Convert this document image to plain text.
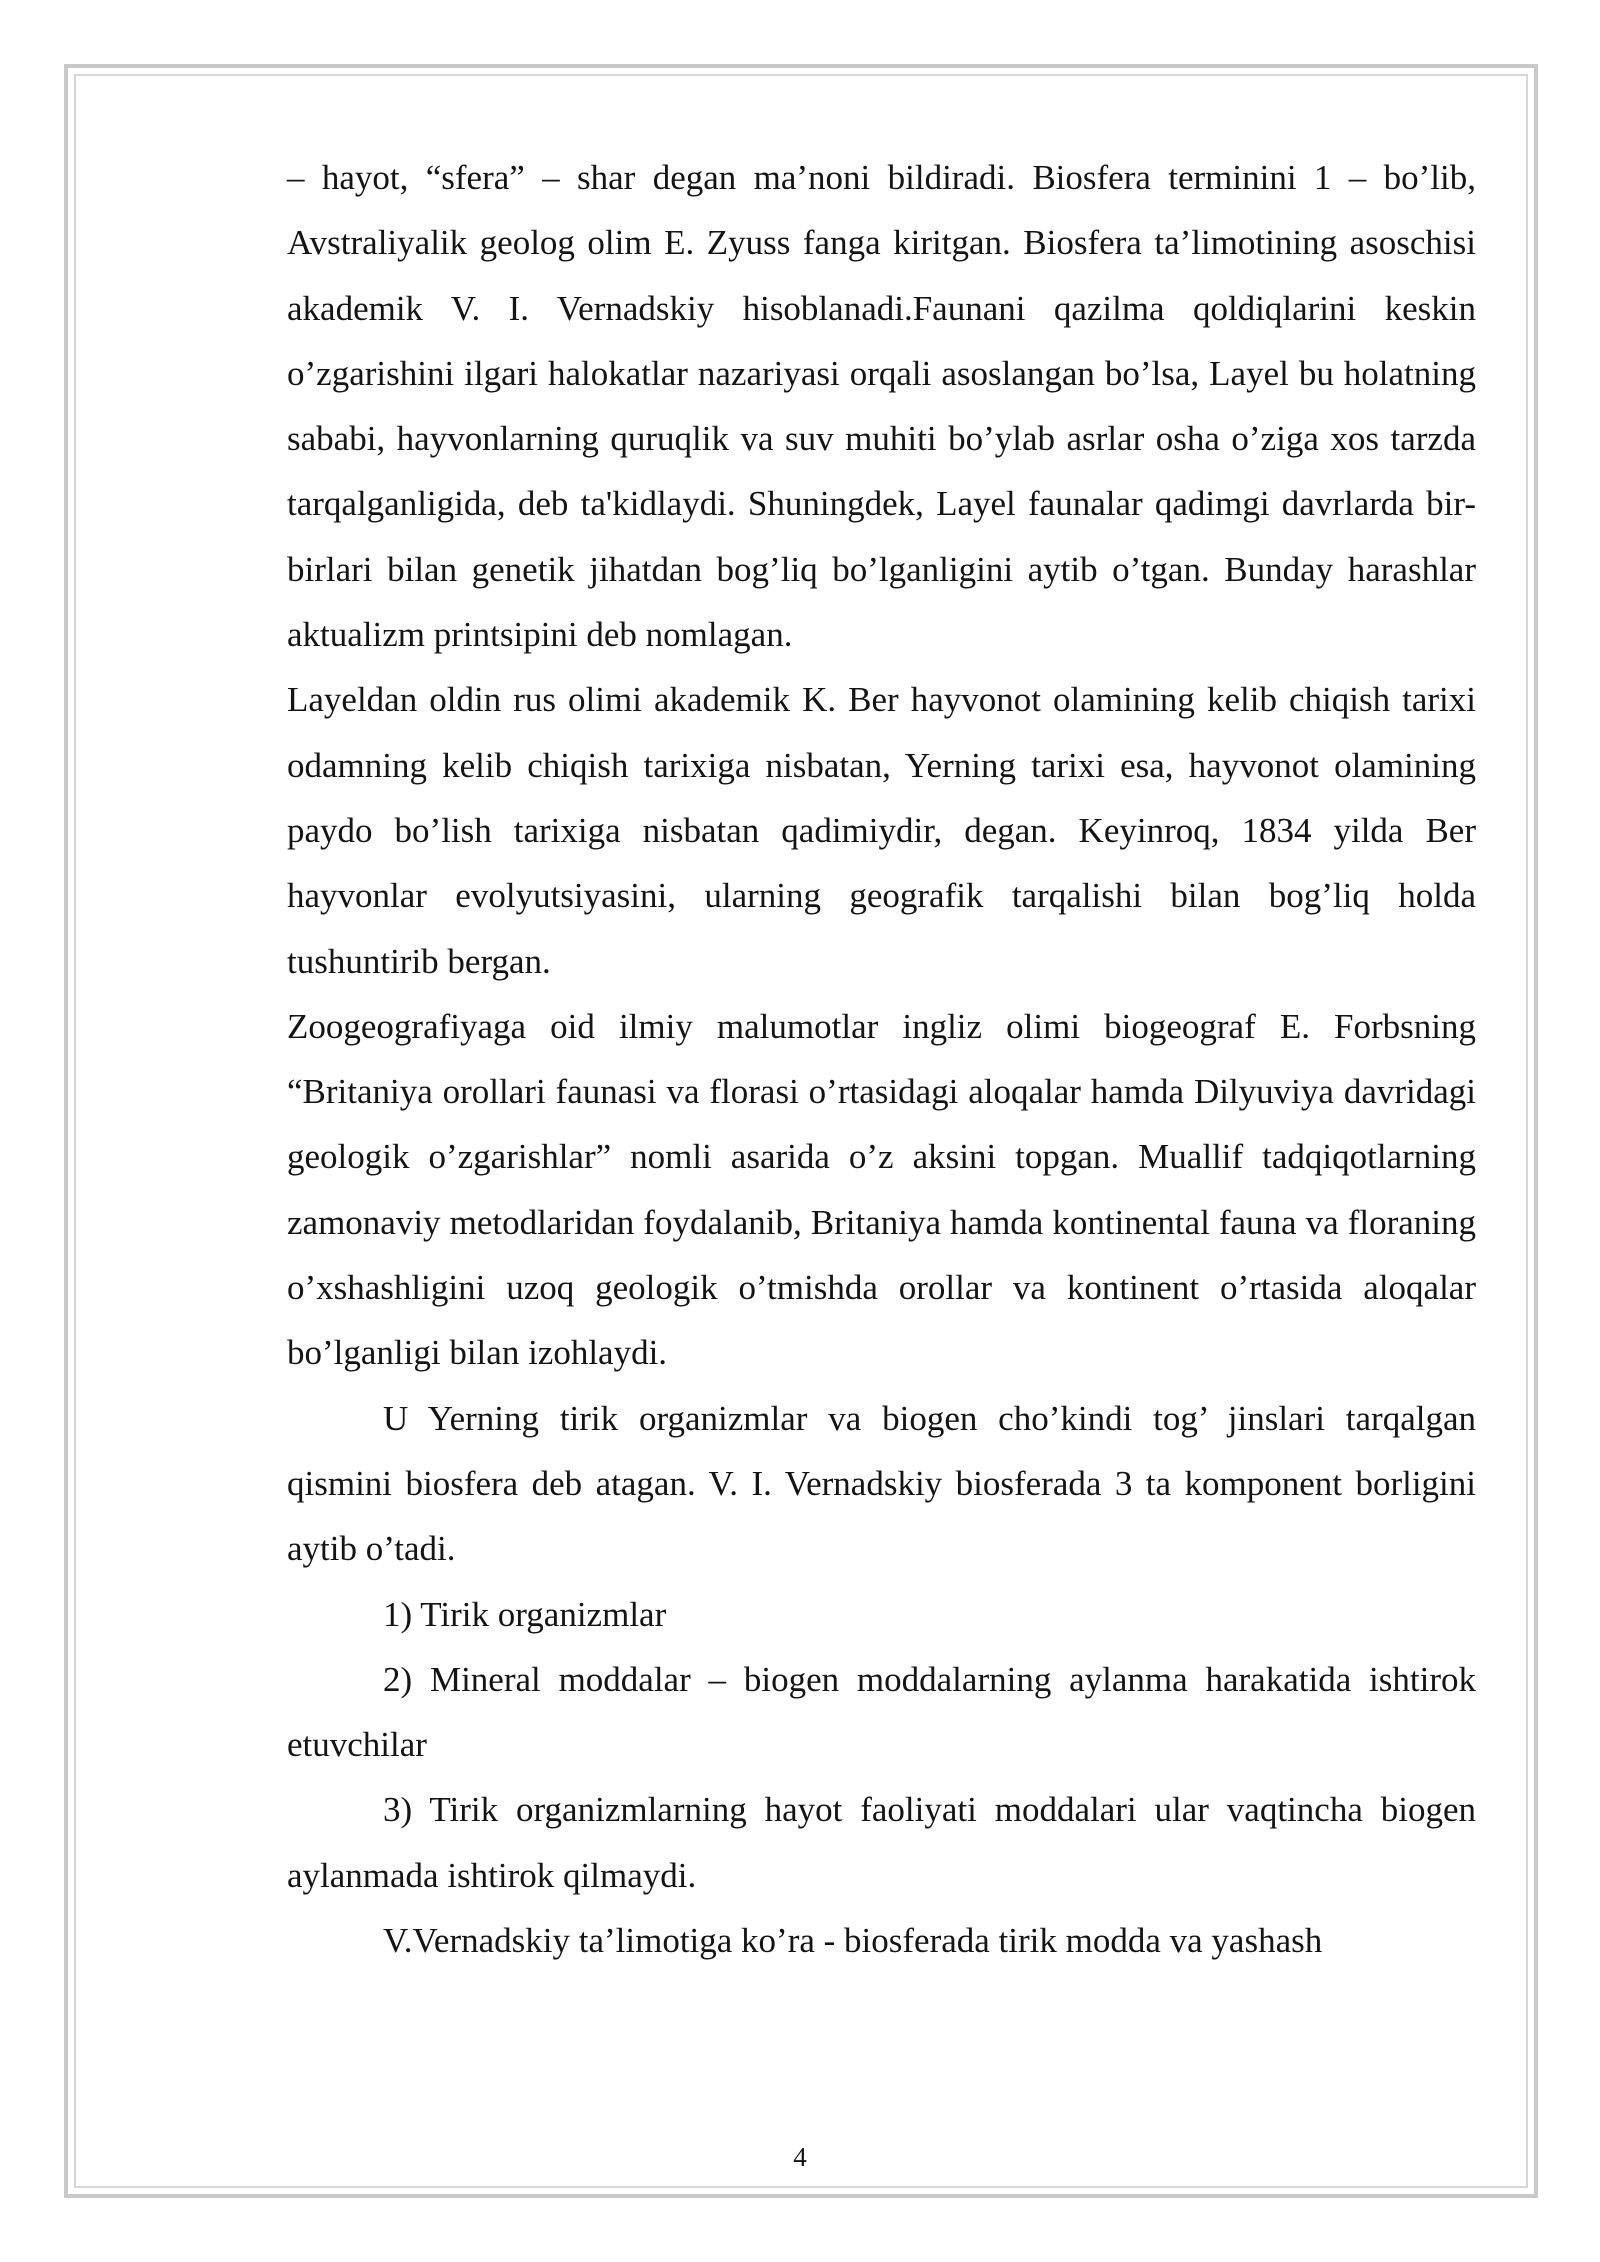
– hayot, “sfera” – shar degan ma’noni bildiradi. Biosfera terminini 1 – bo’lib, Avstraliyalik geolog olim E. Zyuss fanga kiritgan. Biosfera ta’limotining asoschisi akademik V. I. Vernadskiy hisoblanadi.Faunani qazilma qoldiqlarini keskin o’zgarishini ilgari halokatlar nazariyasi orqali asoslangan bo’lsa, Layel bu holatning sababi, hayvonlarning quruqlik va suv muhiti bo’ylab asrlar osha o’ziga xos tarzda tarqalganligida, deb ta'kidlaydi. Shuningdek, Layel faunalar qadimgi davrlarda bir-birlari bilan genetik jihatdan bog’liq bo’lganligini aytib o’tgan. Bunday harashlar aktualizm printsipini deb nomlagan.

Layeldan oldin rus olimi akademik K. Ber hayvonot olamining kelib chiqish tarixi odamning kelib chiqish tarixiga nisbatan, Yerning tarixi esa, hayvonot olamining paydo bo’lish tarixiga nisbatan qadimiydir, degan. Keyinroq, 1834 yilda Ber hayvonlar evolyutsiyasini, ularning geografik tarqalishi bilan bog’liq holda tushuntirib bergan.

Zoogeografiyaga oid ilmiy malumotlar ingliz olimi biogeograf E. Forbsning “Britaniya orollari faunasi va florasi o’rtasidagi aloqalar hamda Dilyuviya davridagi geologik o’zgarishlar” nomli asarida o’z aksini topgan. Muallif tadqiqotlarning zamonaviy metodlaridan foydalanib, Britaniya hamda kontinental fauna va floraning o’xshashligini uzoq geologik o’tmishda orollar va kontinent o’rtasida aloqalar bo’lganligi bilan izohlaydi.

U Yerning tirik organizmlar va biogen cho’kindi tog’ jinslari tarqalgan qismini biosfera deb atagan. V. I. Vernadskiy biosferada 3 ta komponent borligini aytib o’tadi.

1) Tirik organizmlar

2) Mineral moddalar – biogen moddalarning aylanma harakatida ishtirok etuvchilar

3) Tirik organizmlarning hayot faoliyati moddalari ular vaqtincha biogen aylanmada ishtirok qilmaydi.

V.Vernadskiy ta’limotiga ko’ra - biosferada tirik modda va yashash

4
